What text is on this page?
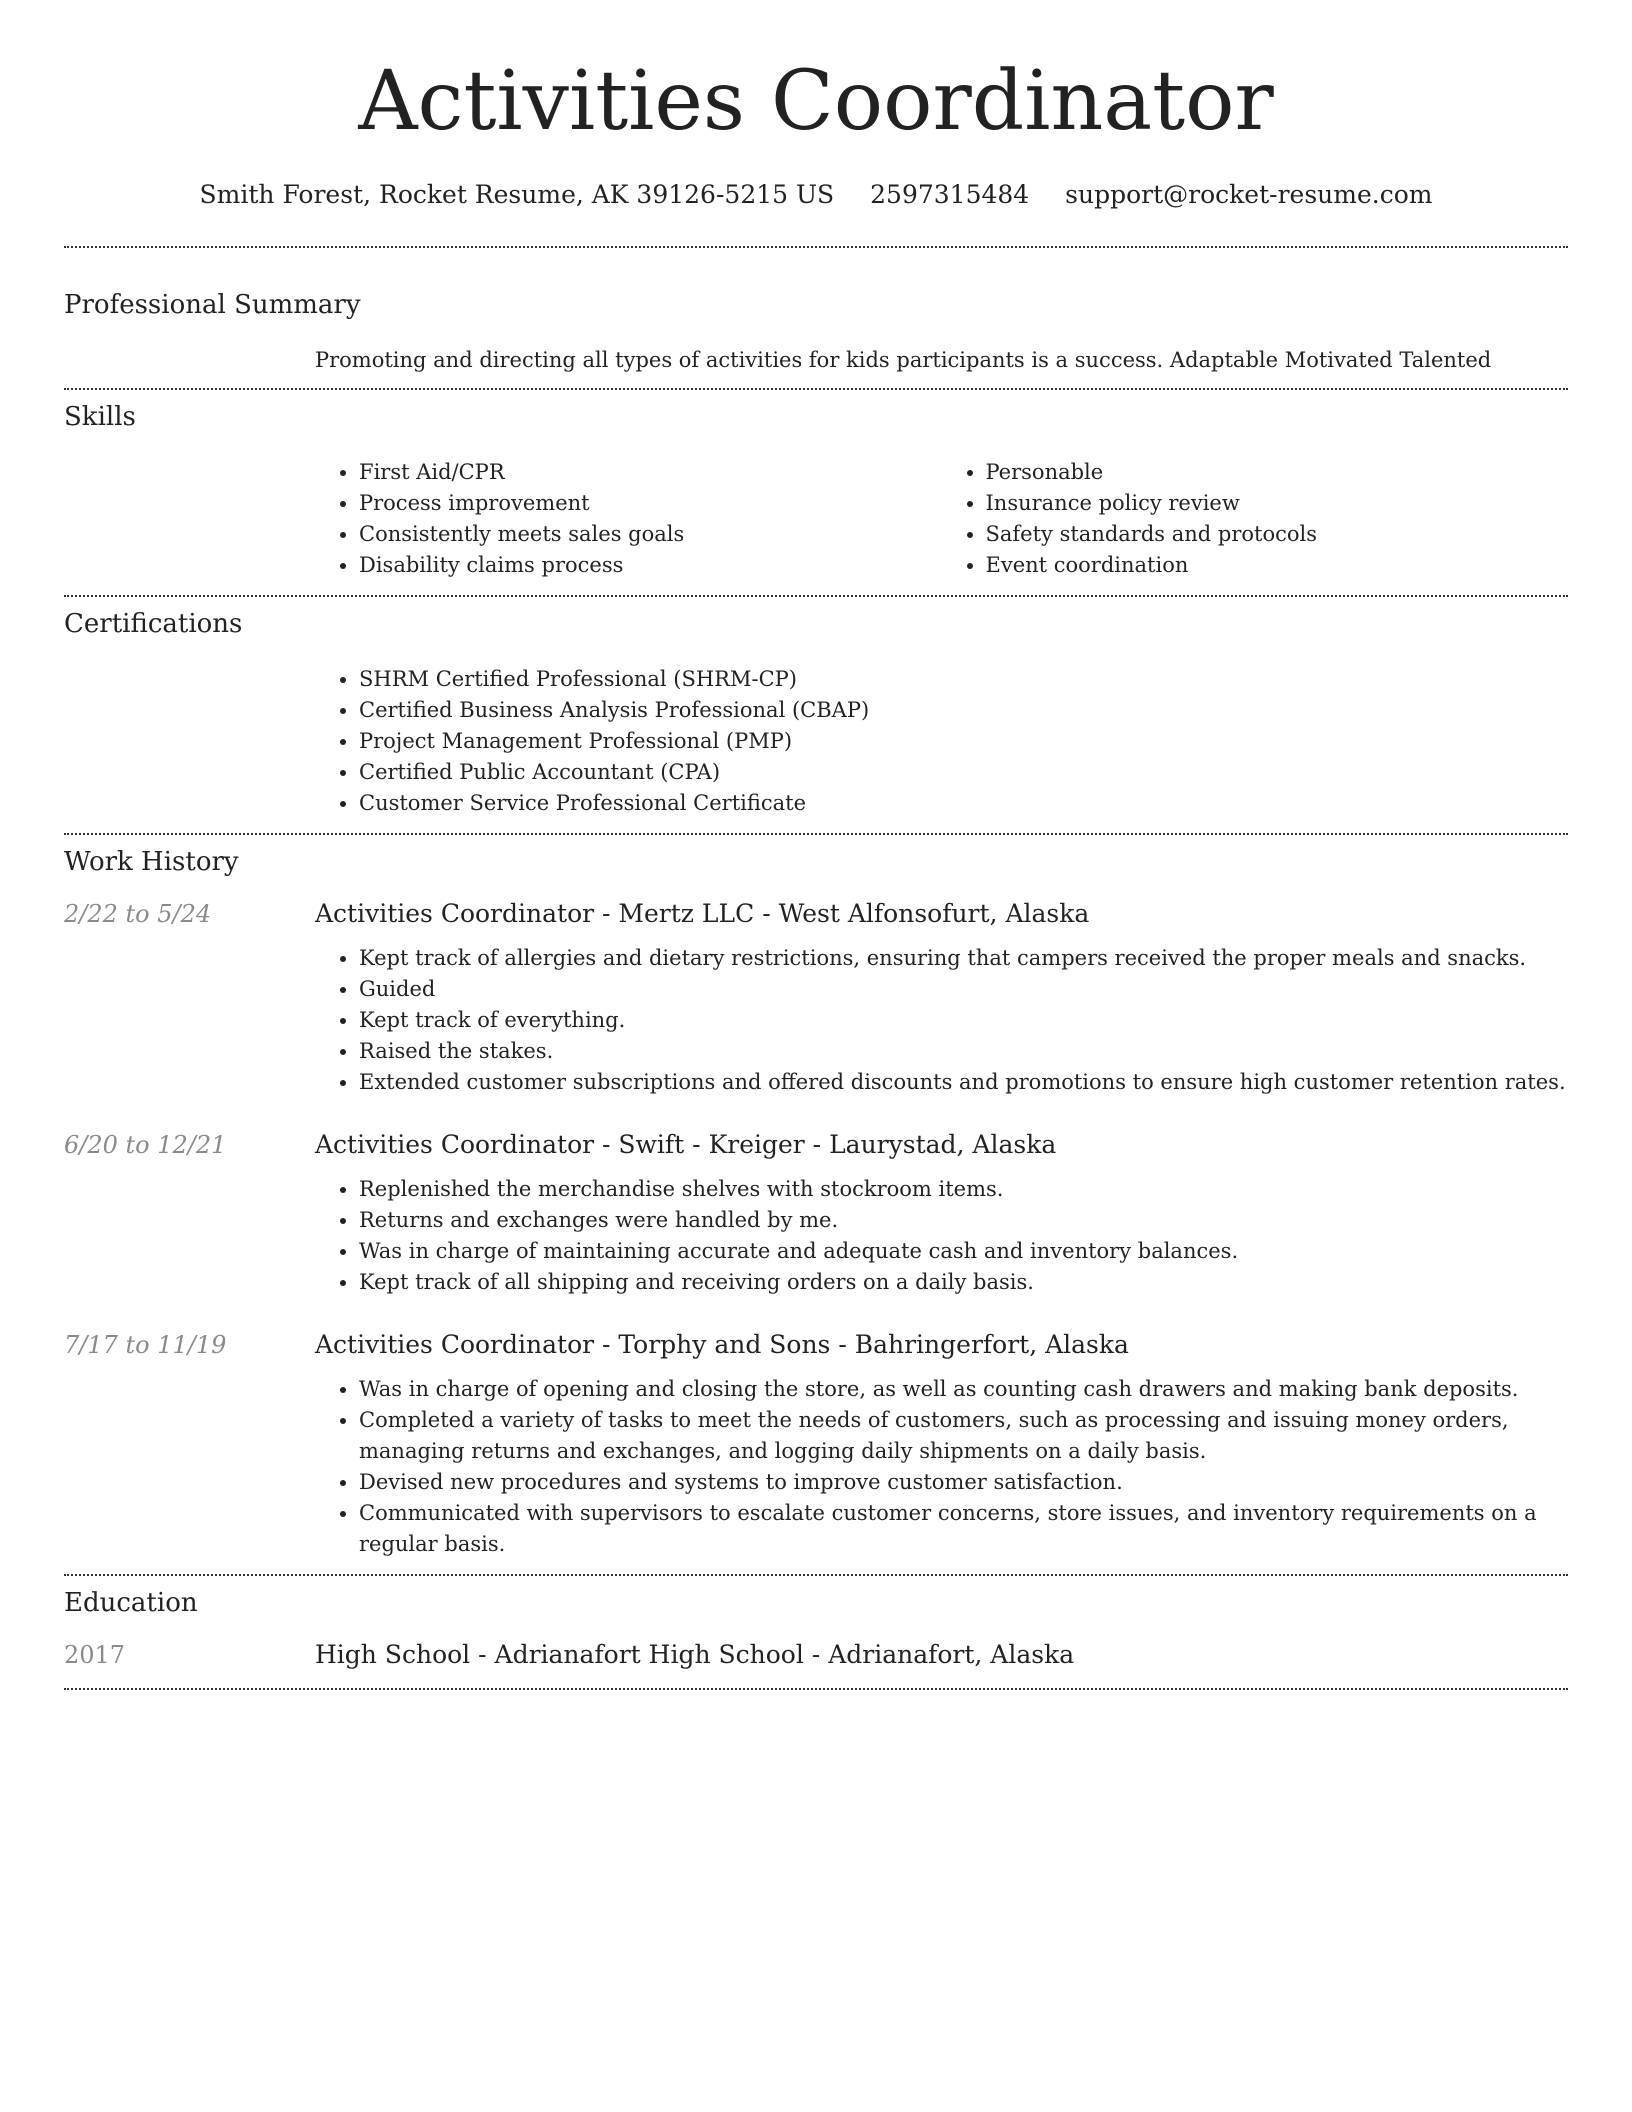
Activities Coordinator
Smith Forest, Rocket Resume, AK 39126-5215 US 2597315484 support@rocket-resume.com
Professional Summary
Promoting and directing all types of activities for kids participants is a success. Adaptable Motivated Talented
Skills
• First Aid/CPR
• Process improvement
• Consistently meets sales goals
• Disability claims process
• Personable
• Insurance policy review
• Safety standards and protocols
• Event coordination
Certifications
• SHRM Certified Professional (SHRM-CP)
• Certified Business Analysis Professional (CBAP)
• Project Management Professional (PMP)
• Certified Public Accountant (CPA)
• Customer Service Professional Certificate
Work History
2/22 to 5/24	Activities Coordinator - Mertz LLC - West Alfonsofurt, Alaska
• Kept track of allergies and dietary restrictions, ensuring that campers received the proper meals and snacks.
• Guided
• Kept track of everything.
• Raised the stakes.
• Extended customer subscriptions and offered discounts and promotions to ensure high customer retention rates.
6/20 to 12/21	Activities Coordinator - Swift - Kreiger - Laurystad, Alaska
• Replenished the merchandise shelves with stockroom items.
• Returns and exchanges were handled by me.
• Was in charge of maintaining accurate and adequate cash and inventory balances.
• Kept track of all shipping and receiving orders on a daily basis.
7/17 to 11/19	Activities Coordinator - Torphy and Sons - Bahringerfort, Alaska
• Was in charge of opening and closing the store, as well as counting cash drawers and making bank deposits.
• Completed a variety of tasks to meet the needs of customers, such as processing and issuing money orders, managing returns and exchanges, and logging daily shipments on a daily basis.
• Devised new procedures and systems to improve customer satisfaction.
• Communicated with supervisors to escalate customer concerns, store issues, and inventory requirements on a regular basis.
Education
2017	High School - Adrianafort High School - Adrianafort, Alaska
